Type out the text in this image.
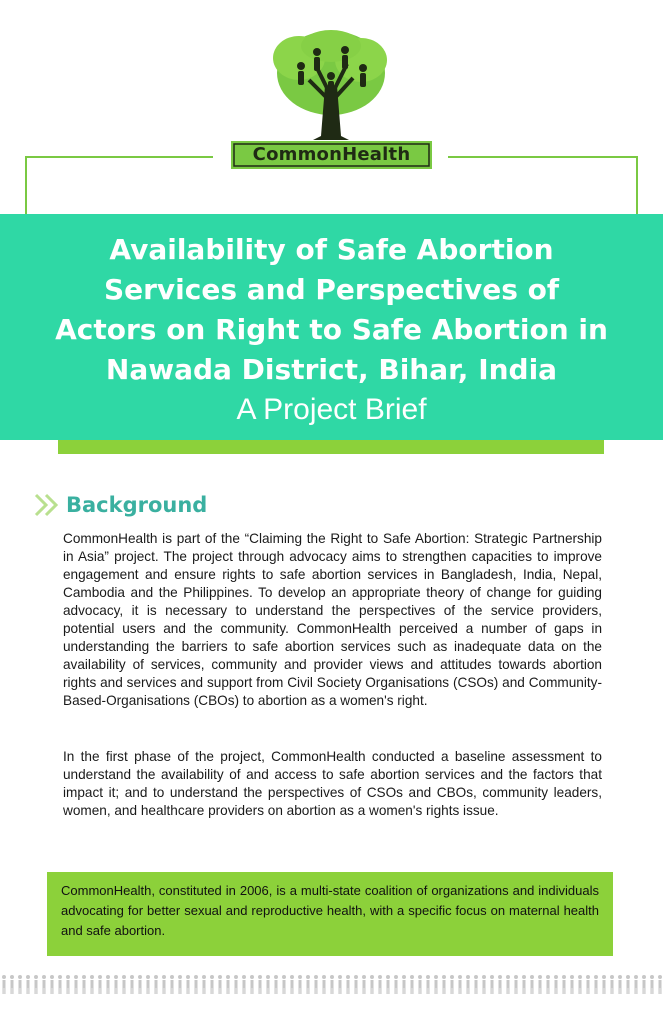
CommonHealth
Availability of Safe Abortion
Services and Perspectives of
Actors on Right to Safe Abortion in
Nawada District, Bihar, India
A Project Brief
Background

CommonHealth is part of the “Claiming the Right to Safe Abortion: Strategic Partnership in Asia” project. The project through advocacy aims to strengthen capacities to improve engagement and ensure rights to safe abortion services in Bangladesh, India, Nepal, Cambodia and the Philippines. To develop an appropriate theory of change for guiding advocacy, it is necessary to understand the perspectives of the service providers, potential users and the community. CommonHealth perceived a number of gaps in understanding the barriers to safe abortion services such as inadequate data on the availability of services, community and provider views and attitudes towards abortion rights and services and support from Civil Society Organisations (CSOs) and Community-Based-Organisations (CBOs) to abortion as a women's right.

In the first phase of the project, CommonHealth conducted a baseline assessment to understand the availability of and access to safe abortion services and the factors that impact it; and to understand the perspectives of CSOs and CBOs, community leaders, women, and healthcare providers on abortion as a women's rights issue.

CommonHealth, constituted in 2006, is a multi-state coalition of organizations and individuals advocating for better sexual and reproductive health, with a specific focus on maternal health and safe abortion.
